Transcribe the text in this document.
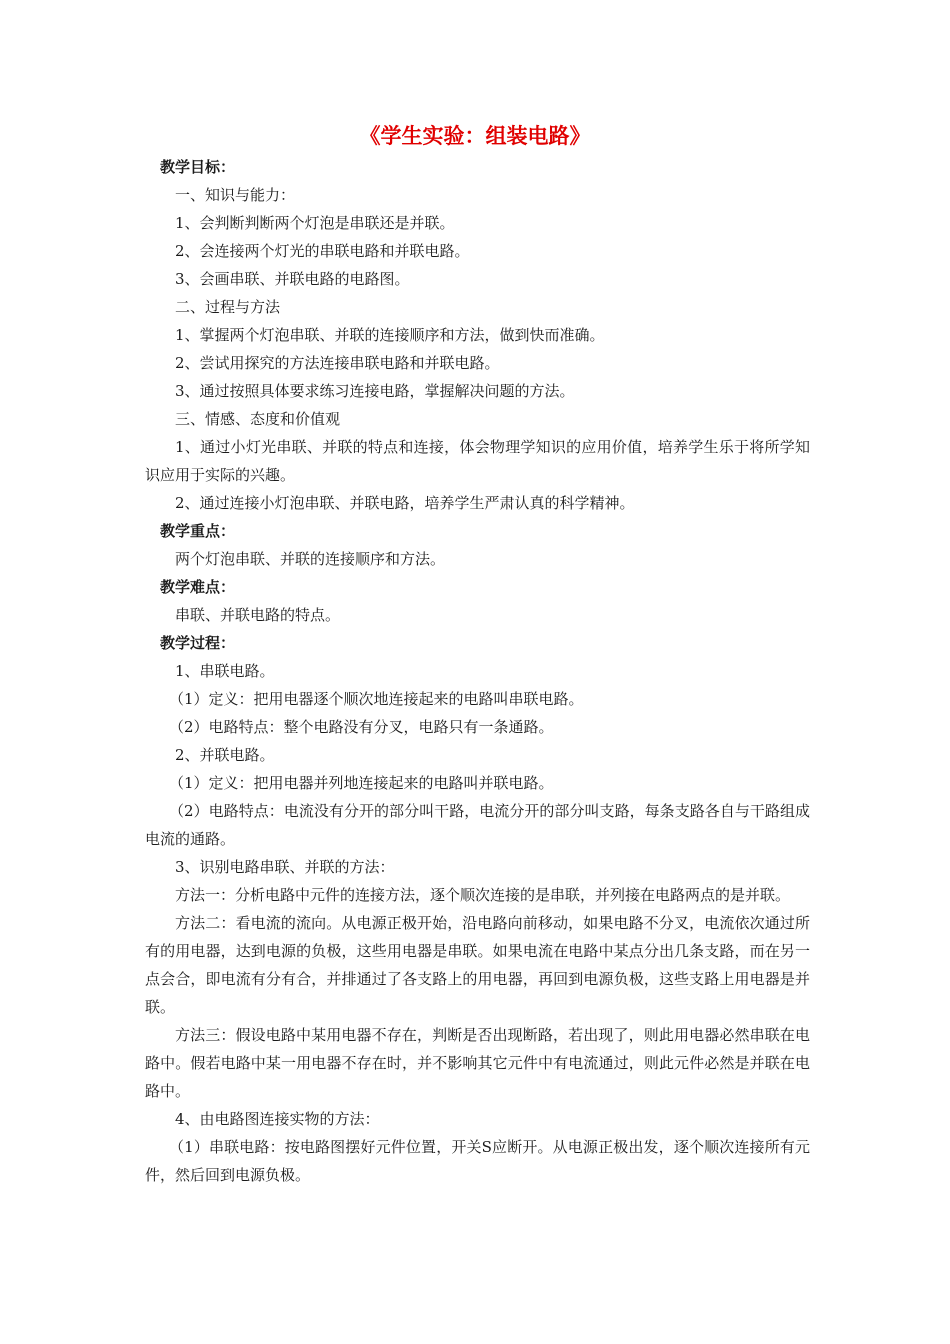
《学生实验：组装电路》

教学目标：

一、知识与能力：

1、会判断判断两个灯泡是串联还是并联。

2、会连接两个灯光的串联电路和并联电路。

3、会画串联、并联电路的电路图。

二、过程与方法

1、掌握两个灯泡串联、并联的连接顺序和方法，做到快而准确。

2、尝试用探究的方法连接串联电路和并联电路。

3、通过按照具体要求练习连接电路，掌握解决问题的方法。

三、情感、态度和价值观

1、通过小灯光串联、并联的特点和连接，体会物理学知识的应用价值，培养学生乐于将所学知识应用于实际的兴趣。

2、通过连接小灯泡串联、并联电路，培养学生严肃认真的科学精神。

教学重点：

两个灯泡串联、并联的连接顺序和方法。

教学难点：

串联、并联电路的特点。

教学过程：

1、串联电路。

（1）定义：把用电器逐个顺次地连接起来的电路叫串联电路。

（2）电路特点：整个电路没有分叉，电路只有一条通路。

2、并联电路。

（1）定义：把用电器并列地连接起来的电路叫并联电路。

（2）电路特点：电流没有分开的部分叫干路，电流分开的部分叫支路，每条支路各自与干路组成电流的通路。

3、识别电路串联、并联的方法：

方法一：分析电路中元件的连接方法，逐个顺次连接的是串联，并列接在电路两点的是并联。

方法二：看电流的流向。从电源正极开始，沿电路向前移动，如果电路不分叉，电流依次通过所有的用电器，达到电源的负极，这些用电器是串联。如果电流在电路中某点分出几条支路，而在另一点会合，即电流有分有合，并排通过了各支路上的用电器，再回到电源负极，这些支路上用电器是并联。

方法三：假设电路中某用电器不存在，判断是否出现断路，若出现了，则此用电器必然串联在电路中。假若电路中某一用电器不存在时，并不影响其它元件中有电流通过，则此元件必然是并联在电路中。

4、由电路图连接实物的方法：

（1）串联电路：按电路图摆好元件位置，开关S应断开。从电源正极出发，逐个顺次连接所有元件，然后回到电源负极。
